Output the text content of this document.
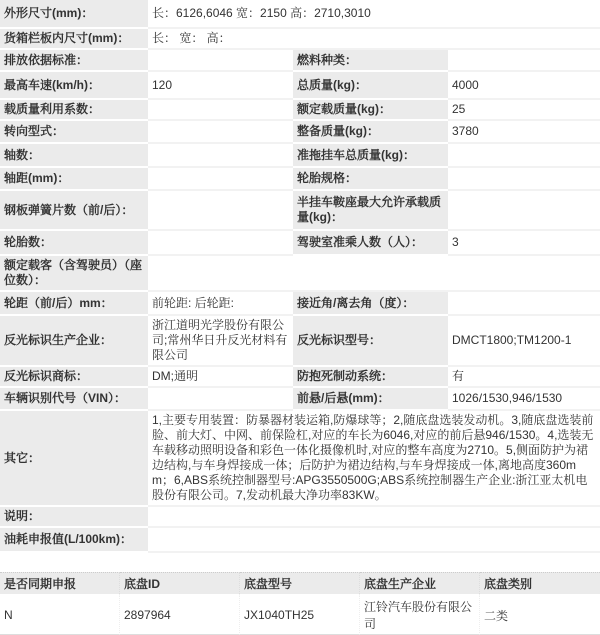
外形尺寸(mm)：	长：6126,6046 宽：2150 高：2710,3010		
货箱栏板内尺寸(mm)：	长： 宽： 高：		
排放依据标准：		燃料种类：	
最高车速(km/h)：	120	总质量(kg)：	4000
载质量利用系数：		额定载质量(kg)：	25
转向型式：		整备质量(kg)：	3780
轴数：		准拖挂车总质量(kg)：	
轴距(mm)：		轮胎规格：	
钢板弹簧片数（前/后）：		半挂车鞍座最大允许承载质量(kg)：	
轮胎数：		驾驶室准乘人数（人）：	3
额定载客（含驾驶员）（座位数）：			
轮距（前/后）mm：	前轮距: 后轮距:	接近角/离去角（度）：	
反光标识生产企业：	浙江道明光学股份有限公司;常州华日升反光材料有限公司	反光标识型号：	DMCT1800;TM1200-1
反光标识商标：	DM;通明	防抱死制动系统：	有
车辆识别代号（VIN）：		前悬/后悬(mm)：	1026/1530,946/1530
其它：	1,主要专用装置：防暴器材装运箱,防爆球等；2,随底盘选装发动机。3,随底盘选装前脸、前大灯、中网、前保险杠,对应的车长为6046,对应的前后悬946/1530。4,选装无车载移动照明设备和彩色一体化摄像机时,对应的整车高度为2710。5,侧面防护为裙边结构,与车身焊接成一体；后防护为裙边结构,与车身焊接成一体,离地高度360mm；6,ABS系统控制器型号:APG3550500G;ABS系统控制器生产企业:浙江亚太机电股份有限公司。7,发动机最大净功率83KW。		
说明：			
油耗申报值(L/100km)：			
是否同期申报	底盘ID	底盘型号	底盘生产企业	底盘类别
N	2897964	JX1040TH25	江铃汽车股份有限公司	二类
